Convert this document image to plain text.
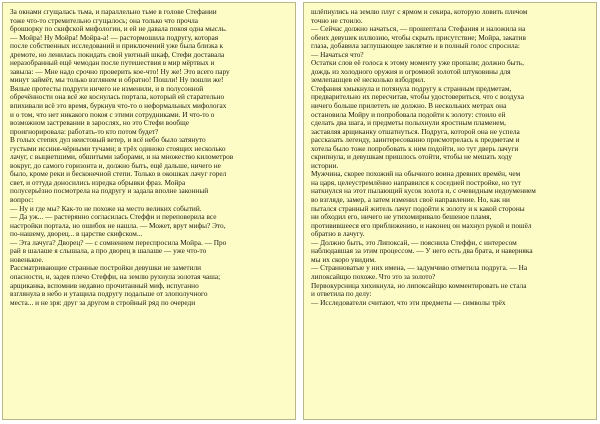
За окнами сгущалась тьма, и параллельно тьме в голове Стефании

тоже что-то стремительно сгущалось; она только что прочла

брошюрку по скифской мифологии, и ей не давала покоя одна мысль.

— Мойра! Ну Мойра! Мойра-а! — растормошила подругу, которая

после собственных исследований и приключений уже была близка к

дремоте, но ленилась покидать свой уютный шкаф, Стефи доставала

неразобранный ещё чемодан после путешествия в мир мёртвых и

завыла: — Мне надо срочно проверить кое-что! Ну же! Это всего пару

минут займёт, мы только взглянем и обратно! Пошли! Ну пошли же!

Вялые протесты подруги ничего не изменили, и в полусонной

обречённости она всё же коснулась портала, который ей старательно

впихивали всё это время, буркнув что-то о неформальных мифологах

и о том, что нет никакого покоя с этими сотрудниками. И что-то о

возможном застревании в зарослях, но это Стефи вообще

проигнорировала: работать-то кто потом будет?

В голых степях дул неистовый ветер, и всё небо было затянуто

густыми иссиня-чёрными тучами; в трёх одиноко стоящих несколько

лачуг, с выцветшими, обшитыми заборами, и на множество километров

вокруг, до самого горизонта и, должно быть, ещё дальше, ничего не

было, кроме реки и бесконечной степи. Только в окошках лачуг горел

свет, и оттуда доносились изредка обрывки фраз. Мойра

полусерьёзно посмотрела на подругу и задала вполне законный

вопрос:

— Ну и где мы? Как-то не похоже на место великих событий.

— Да уж... — растерянно согласилась Стеффи и переповерила все

настройки портала, но ошибок не нашла. — Может, врут мифы? Это,

по-нашему, дворец... в царстве скифском...

— Эта лачуга? Дворец? — с сомнением переспросила Мойра. — Про

рай в шалаше я слышала, а про дворец в шалаше — уже что-то

новенькое.

Рассматривающие странные постройки девушки не заметили

опасности, и, задев плечо Стеффи, на землю рухнула золотая чаша;

арщиканка, вспомнив недавно прочитанный миф, испуганно

взглянула в небо и утащила подругу подальше от злополучного

места... и не зря: друг за другом в стройный ряд по очереди

шлёпнулись на землю плуг с ярмом и секира, которую ловить плечом

точно не стоило.

— Сейчас должно начаться, — прошептала Стефания и наложила на

обеих девушек иллюзию, чтобы скрыть присутствие; Мойра, закатив

глаза, добавила заглушающее заклятие и в полный голос спросила:

— Начаться что?

Остатки слов её голоса к этому моменту уже пропали; должно быть,

дождь из холодного оружия и огромной золотой штуковины для

землепашцев её несколько взбодрил.

Стефания хмыкнула и потянула подругу к странным предметам,

предварительно их пересчитав, чтобы удостовериться, что с воздуха

ничего больше прилететь не должно. В нескольких метрах она

остановила Мойру и попробовала подойти к золоту: стоило ей

сделать два шага, и предметы полыхнули яростным пламенем,

заставляя арщиканку отшатнуться. Подруга, которой она не успела

рассказать легенду, заинтересованно присмотрелась к предметам и

хотела было тоже попробовать к ним подойти, но тут дверь лачуги

скрипнула, и девушкам пришлось отойти, чтобы не мешать ходу

истории.

Мужчина, скорее похожий на обычного воина древних времён, чем

на царя, целеустремлённо направился к соседней постройке, но тут

наткнулся на этот пылающий кусок золота и, с очевидным недоумением

во взгляде, замер, а затем изменил своё направление. Но, как ни

пытался странный житель лачуг подойти к золоту и к какой стороны

ни обходил его, ничего не утихомиривало бешеное пламя,

противившееся его приближению, и наконец он махнул рукой и пошёл

обратно в лачугу.

— Должно быть, это Липоксай, — пояснила Стеффи, с интересом

наблюдавшая за этим процессом. — У него есть два брата, и наверняка

мы их скоро увидим.

— Странноватые у них имена, — задумчиво отметила подруга. — На

липоксайщю похоже. Что это за золото?

Первокурсница хихикнула, но липоксайщю комментировать не стала

и ответила по делу:

— Исследователи считают, что эти предметы — символы трёх
